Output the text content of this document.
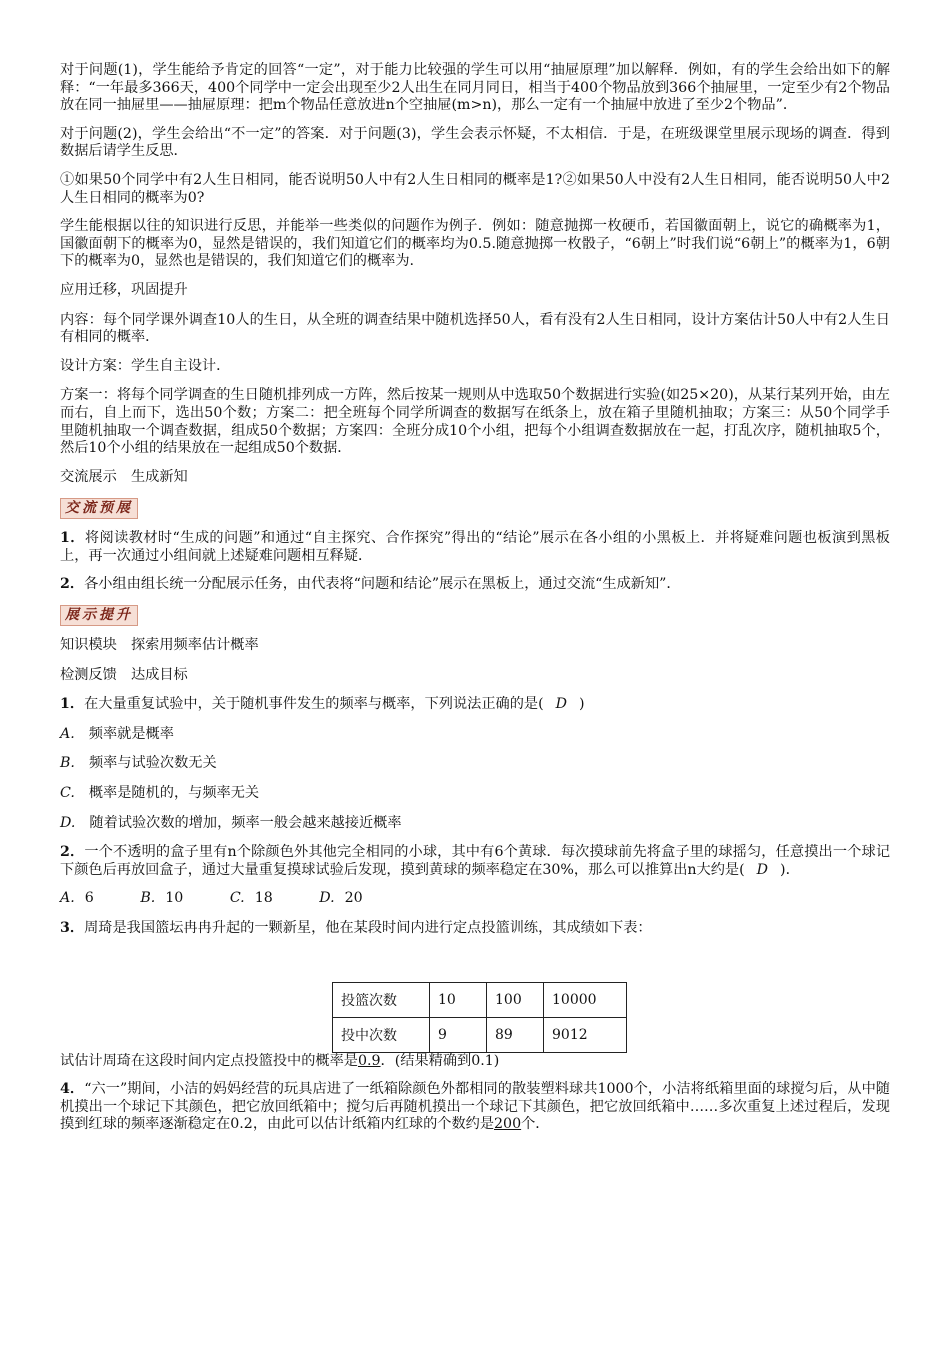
对于问题(1)，学生能给予肯定的回答“一定”，对于能力比较强的学生可以用“抽屉原理”加以解释．例如，有的学生会给出如下的解释：“一年最多366天，400个同学中一定会出现至少2人出生在同月同日，相当于400个物品放到366个抽屉里，一定至少有2个物品放在同一抽屉里——抽屉原理：把m个物品任意放进n个空抽屉(m>n)，那么一定有一个抽屉中放进了至少2个物品”．

对于问题(2)，学生会给出“不一定”的答案．对于问题(3)，学生会表示怀疑，不太相信．于是，在班级课堂里展示现场的调查．得到数据后请学生反思．

①如果50个同学中有2人生日相同，能否说明50人中有2人生日相同的概率是1?②如果50人中没有2人生日相同，能否说明50人中2人生日相同的概率为0?

学生能根据以往的知识进行反思，并能举一些类似的问题作为例子．例如：随意抛掷一枚硬币，若国徽面朝上，说它的确概率为1，国徽面朝下的概率为0，显然是错误的，我们知道它们的概率均为0.5.随意抛掷一枚骰子，“6朝上”时我们说“6朝上”的概率为1，6朝下的概率为0，显然也是错误的，我们知道它们的概率为.

应用迁移，巩固提升

内容：每个同学课外调查10人的生日，从全班的调查结果中随机选择50人，看有没有2人生日相同，设计方案估计50人中有2人生日有相同的概率．

设计方案：学生自主设计．

方案一：将每个同学调查的生日随机排列成一方阵，然后按某一规则从中选取50个数据进行实验(如25×20)，从某行某列开始，由左而右，自上而下，选出50个数；方案二：把全班每个同学所调查的数据写在纸条上，放在箱子里随机抽取；方案三：从50个同学手里随机抽取一个调查数据，组成50个数据；方案四：全班分成10个小组，把每个小组调查数据放在一起，打乱次序，随机抽取5个，然后10个小组的结果放在一起组成50个数据．

交流展示　生成新知

交流预展

1．将阅读教材时“生成的问题”和通过“自主探究、合作探究”得出的“结论”展示在各小组的小黑板上．并将疑难问题也板演到黑板上，再一次通过小组间就上述疑难问题相互释疑．

2．各小组由组长统一分配展示任务，由代表将“问题和结论”展示在黑板上，通过交流“生成新知”．

展示提升

知识模块　探索用频率估计概率

检测反馈　达成目标

1．在大量重复试验中，关于随机事件发生的频率与概率，下列说法正确的是( D )

A. 频率就是概率

B. 频率与试验次数无关

C. 概率是随机的，与频率无关

D. 随着试验次数的增加，频率一般会越来越接近概率

2．一个不透明的盒子里有n个除颜色外其他完全相同的小球，其中有6个黄球．每次摸球前先将盒子里的球摇匀，任意摸出一个球记下颜色后再放回盒子，通过大量重复摸球试验后发现，摸到黄球的频率稳定在30%，那么可以推算出n大约是( D )．

A. 6	B. 10	C. 18	D. 20

3．周琦是我国篮坛冉冉升起的一颗新星，他在某段时间内进行定点投篮训练，其成绩如下表：

投篮次数	10	100	10000
投中次数	9	89	9012

试估计周琦在这段时间内定点投篮投中的概率是0.9．(结果精确到0.1)

4．“六一”期间，小洁的妈妈经营的玩具店进了一纸箱除颜色外都相同的散装塑料球共1000个，小洁将纸箱里面的球搅匀后，从中随机摸出一个球记下其颜色，把它放回纸箱中；搅匀后再随机摸出一个球记下其颜色，把它放回纸箱中……多次重复上述过程后，发现摸到红球的频率逐渐稳定在0.2，由此可以估计纸箱内红球的个数约是200个．
